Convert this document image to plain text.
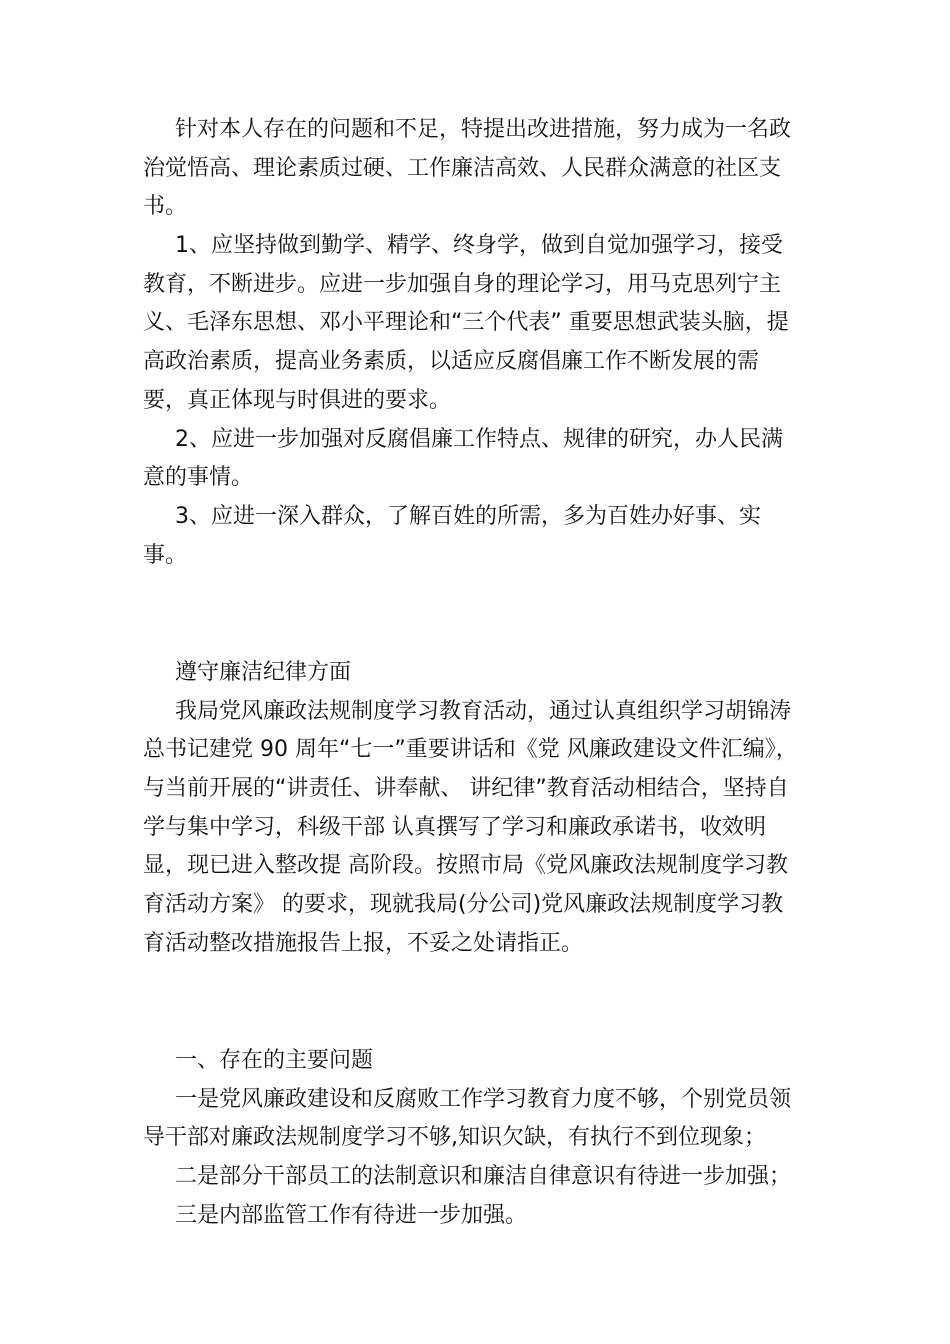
针对本人存在的问题和不足，特提出改进措施，努力成为一名政
治觉悟高、理论素质过硬、工作廉洁高效、人民群众满意的社区支
书。
1、应坚持做到勤学、精学、终身学，做到自觉加强学习，接受
教育，不断进步。应进一步加强自身的理论学习，用马克思列宁主
义、毛泽东思想、邓小平理论和“三个代表” 重要思想武装头脑，提
高政治素质，提高业务素质，以适应反腐倡廉工作不断发展的需
要，真正体现与时俱进的要求。
2、应进一步加强对反腐倡廉工作特点、规律的研究，办人民满
意的事情。
3、应进一深入群众，了解百姓的所需，多为百姓办好事、实
事。
遵守廉洁纪律方面
我局党风廉政法规制度学习教育活动，通过认真组织学习胡锦涛
总书记建党 90 周年“七一”重要讲话和《党 风廉政建设文件汇编》，
与当前开展的“讲责任、讲奉献、 讲纪律”教育活动相结合，坚持自
学与集中学习，科级干部 认真撰写了学习和廉政承诺书，收效明
显，现已进入整改提 高阶段。按照市局《党风廉政法规制度学习教
育活动方案》 的要求，现就我局(分公司)党风廉政法规制度学习教
育活动整改措施报告上报，不妥之处请指正。
一、存在的主要问题
一是党风廉政建设和反腐败工作学习教育力度不够，个别党员领
导干部对廉政法规制度学习不够,知识欠缺，有执行不到位现象；
二是部分干部员工的法制意识和廉洁自律意识有待进一步加强；
三是内部监管工作有待进一步加强。
